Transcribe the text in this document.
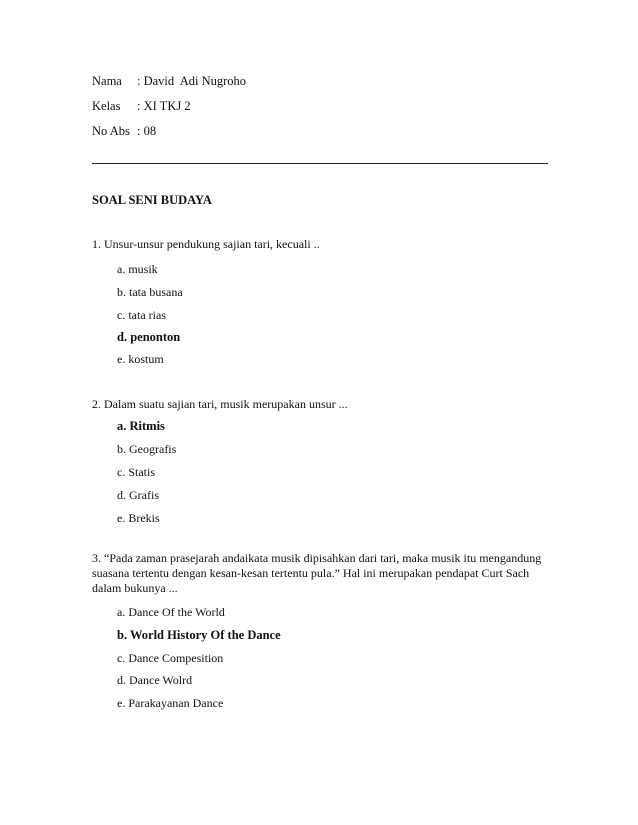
Nama : David  Adi Nugroho
Kelas : XI TKJ 2
No Abs : 08
SOAL SENI BUDAYA
1. Unsur-unsur pendukung sajian tari, kecuali ..
a. musik
b. tata busana
c. tata rias
d. penonton
e. kostum
2. Dalam suatu sajian tari, musik merupakan unsur ...
a. Ritmis
b. Geografis
c. Statis
d. Grafis
e. Brekis
3. “Pada zaman prasejarah andaikata musik dipisahkan dari tari, maka musik itu mengandung suasana tertentu dengan kesan-kesan tertentu pula.” Hal ini merupakan pendapat Curt Sach dalam bukunya ...
a. Dance Of the World
b. World History Of the Dance
c. Dance Compesition
d. Dance Wolrd
e. Parakayanan Dance
